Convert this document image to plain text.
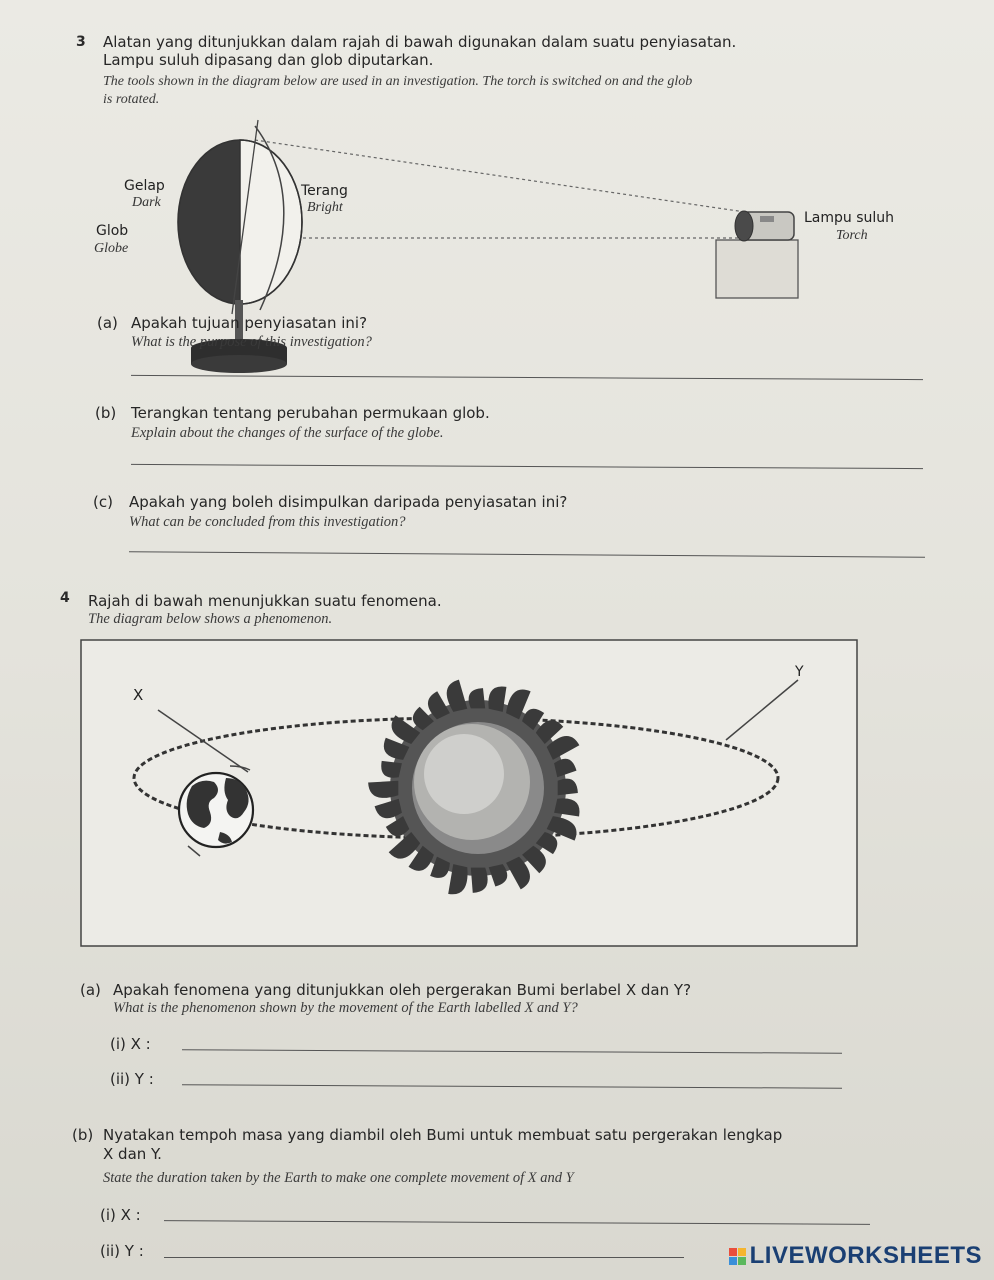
3 Alatan yang ditunjukkan dalam rajah di bawah digunakan dalam suatu penyiasatan.
Lampu suluh dipasang dan glob diputarkan.
The tools shown in the diagram below are used in an investigation. The torch is switched on and the glob
is rotated.
Gelap
Dark
Terang
Bright
Glob
Globe
Lampu suluh
Torch
(a) Apakah tujuan penyiasatan ini?
What is the purpose of this investigation?
(b) Terangkan tentang perubahan permukaan glob.
Explain about the changes of the surface of the globe.
(c) Apakah yang boleh disimpulkan daripada penyiasatan ini?
What can be concluded from this investigation?
4 Rajah di bawah menunjukkan suatu fenomena.
The diagram below shows a phenomenon.
X
Y
(a) Apakah fenomena yang ditunjukkan oleh pergerakan Bumi berlabel X dan Y?
What is the phenomenon shown by the movement of the Earth labelled X and Y?
(i) X :
(ii) Y :
(b) Nyatakan tempoh masa yang diambil oleh Bumi untuk membuat satu pergerakan lengkap
X dan Y.
State the duration taken by the Earth to make one complete movement of X and Y
(i) X :
(ii) Y :	LIVEWORKSHEETS
